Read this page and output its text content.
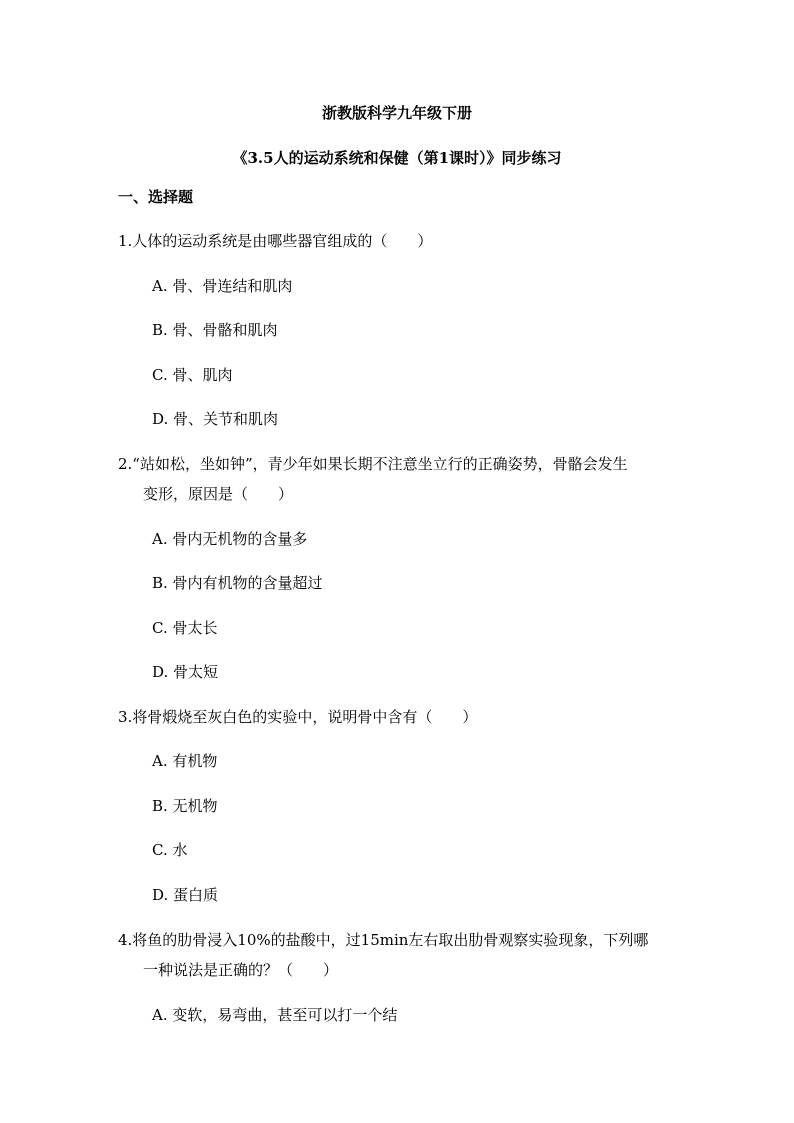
浙教版科学九年级下册
《3.5人的运动系统和保健（第1课时）》同步练习
一、选择题
1.人体的运动系统是由哪些器官组成的（　　）
A. 骨、骨连结和肌肉
B. 骨、骨骼和肌肉
C. 骨、肌肉
D. 骨、关节和肌肉
2.“站如松，坐如钟”，青少年如果长期不注意坐立行的正确姿势，骨骼会发生
变形，原因是（　　）
A. 骨内无机物的含量多
B. 骨内有机物的含量超过
C. 骨太长
D. 骨太短
3.将骨煅烧至灰白色的实验中，说明骨中含有（　　）
A. 有机物
B. 无机物
C. 水
D. 蛋白质
4.将鱼的肋骨浸入10%的盐酸中，过15min左右取出肋骨观察实验现象，下列哪
一种说法是正确的？（　　）
A. 变软，易弯曲，甚至可以打一个结
